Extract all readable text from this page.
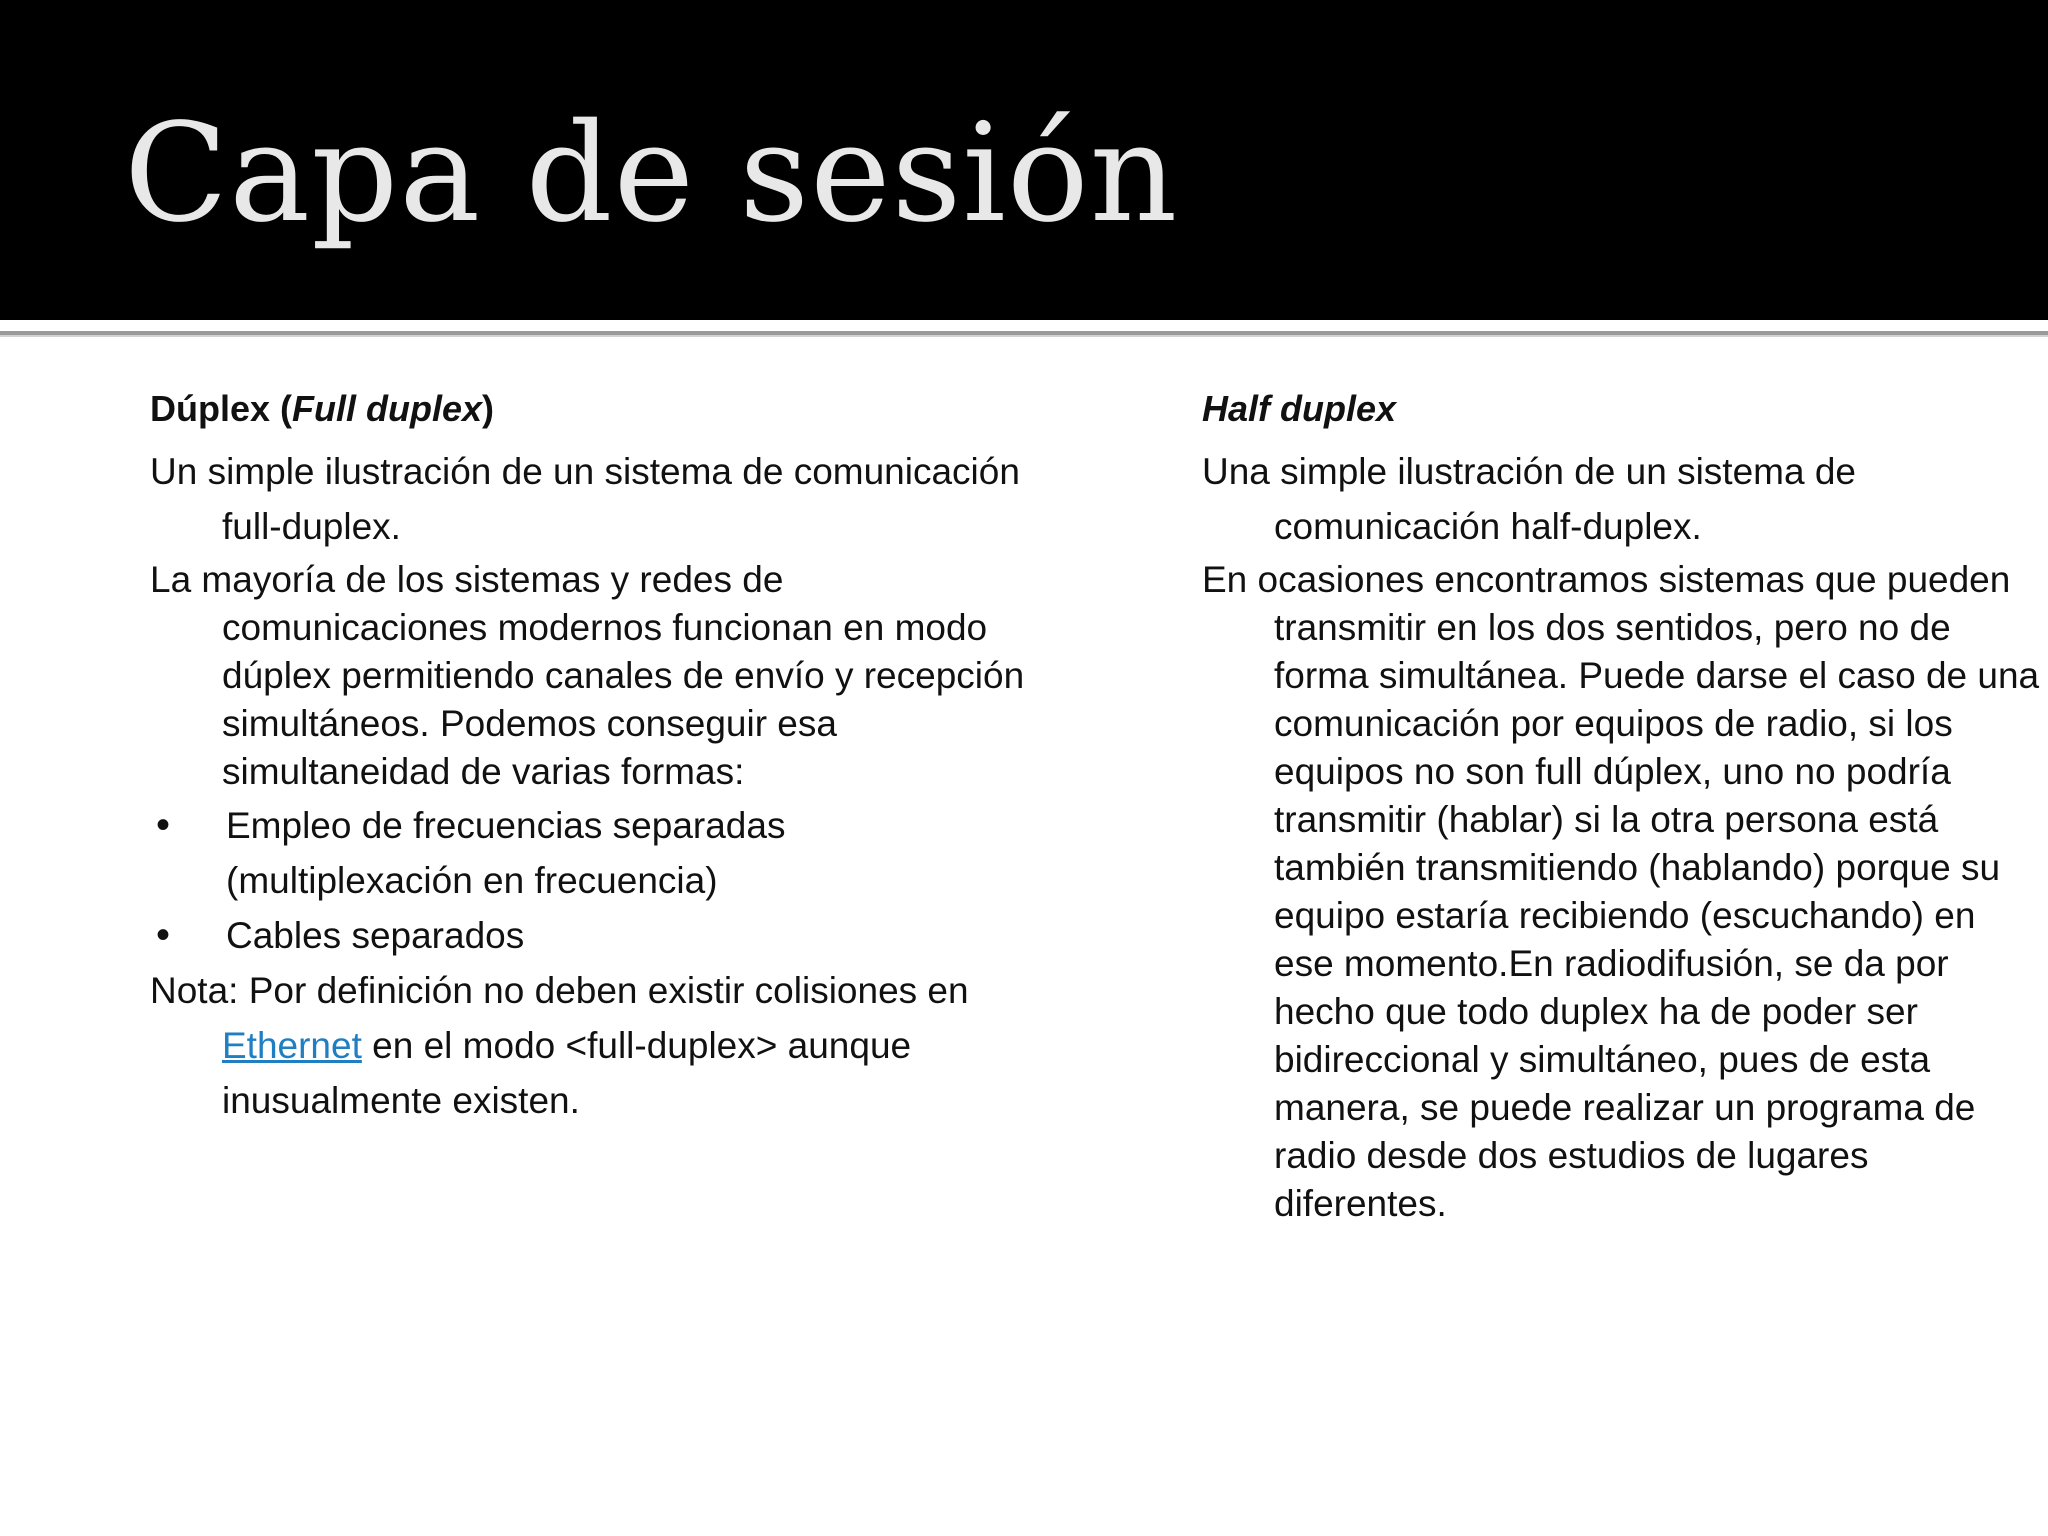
Capa de sesión

Dúplex (Full duplex)

Un simple ilustración de un sistema de comunicación full-duplex.

La mayoría de los sistemas y redes de comunicaciones modernos funcionan en modo dúplex permitiendo canales de envío y recepción simultáneos. Podemos conseguir esa simultaneidad de varias formas:

• Empleo de frecuencias separadas (multiplexación en frecuencia)

• Cables separados

Nota: Por definición no deben existir colisiones en Ethernet en el modo <full-duplex> aunque inusualmente existen.

Half duplex

Una simple ilustración de un sistema de comunicación half-duplex.

En ocasiones encontramos sistemas que pueden transmitir en los dos sentidos, pero no de forma simultánea. Puede darse el caso de una comunicación por equipos de radio, si los equipos no son full dúplex, uno no podría transmitir (hablar) si la otra persona está también transmitiendo (hablando) porque su equipo estaría recibiendo (escuchando) en ese momento.En radiodifusión, se da por hecho que todo duplex ha de poder ser bidireccional y simultáneo, pues de esta manera, se puede realizar un programa de radio desde dos estudios de lugares diferentes.
